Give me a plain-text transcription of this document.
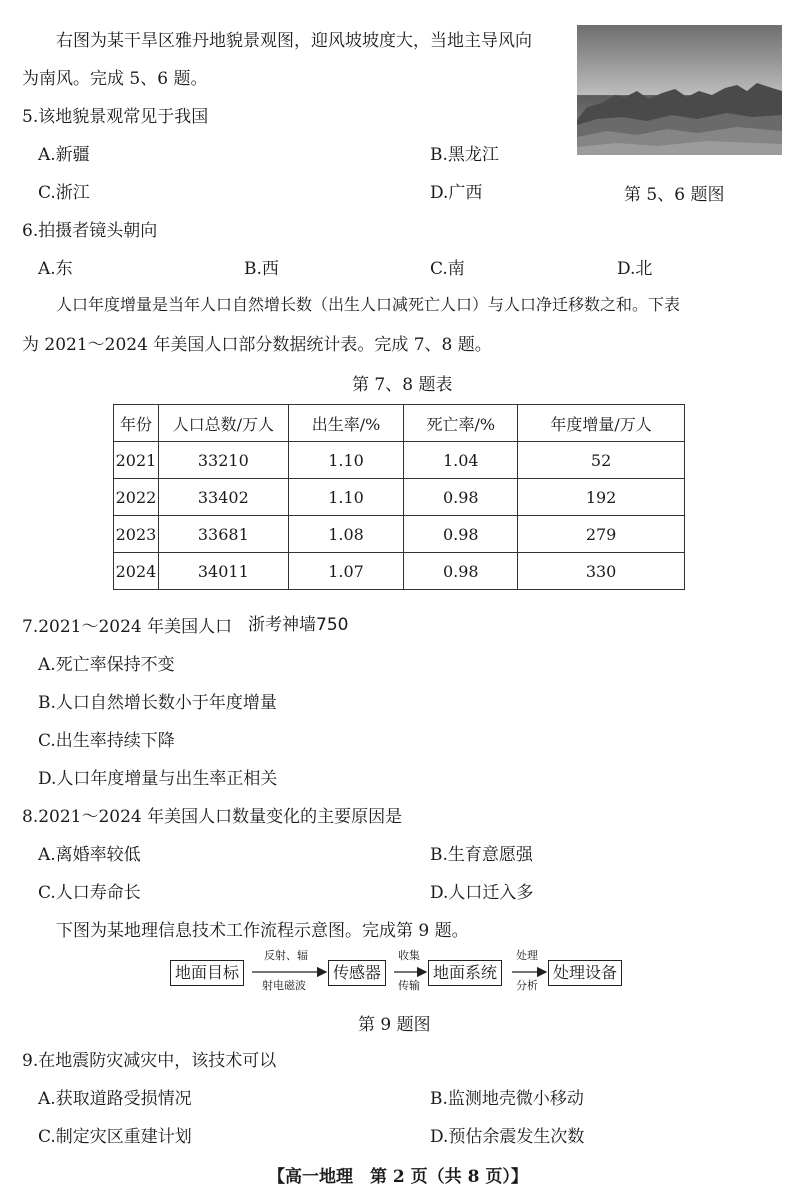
右图为某干旱区雅丹地貌景观图，迎风坡坡度大，当地主导风向
为南风。完成 5、6 题。
第 5、6 题图
5.该地貌景观常见于我国
A.新疆	B.黑龙江
C.浙江	D.广西
6.拍摄者镜头朝向
A.东	B.西	C.南	D.北
人口年度增量是当年人口自然增长数（出生人口减死亡人口）与人口净迁移数之和。下表
为 2021～2024 年美国人口部分数据统计表。完成 7、8 题。
第 7、8 题表
年份	人口总数/万人	出生率/%	死亡率/%	年度增量/万人
2021	33210	1.10	1.04	52
2022	33402	1.10	0.98	192
2023	33681	1.08	0.98	279
2024	34011	1.07	0.98	330
7.2021～2024 年美国人口 浙考神墙750
A.死亡率保持不变
B.人口自然增长数小于年度增量
C.出生率持续下降
D.人口年度增量与出生率正相关
8.2021～2024 年美国人口数量变化的主要原因是
A.离婚率较低	B.生育意愿强
C.人口寿命长	D.人口迁入多
下图为某地理信息技术工作流程示意图。完成第 9 题。
地面目标	传感器	地面系统	处理设备
反射、辐
射电磁波
收集
传输
处理
分析
第 9 题图
9.在地震防灾减灾中，该技术可以
A.获取道路受损情况	B.监测地壳微小移动
C.制定灾区重建计划	D.预估余震发生次数
【高一地理　第 2 页（共 8 页）】
